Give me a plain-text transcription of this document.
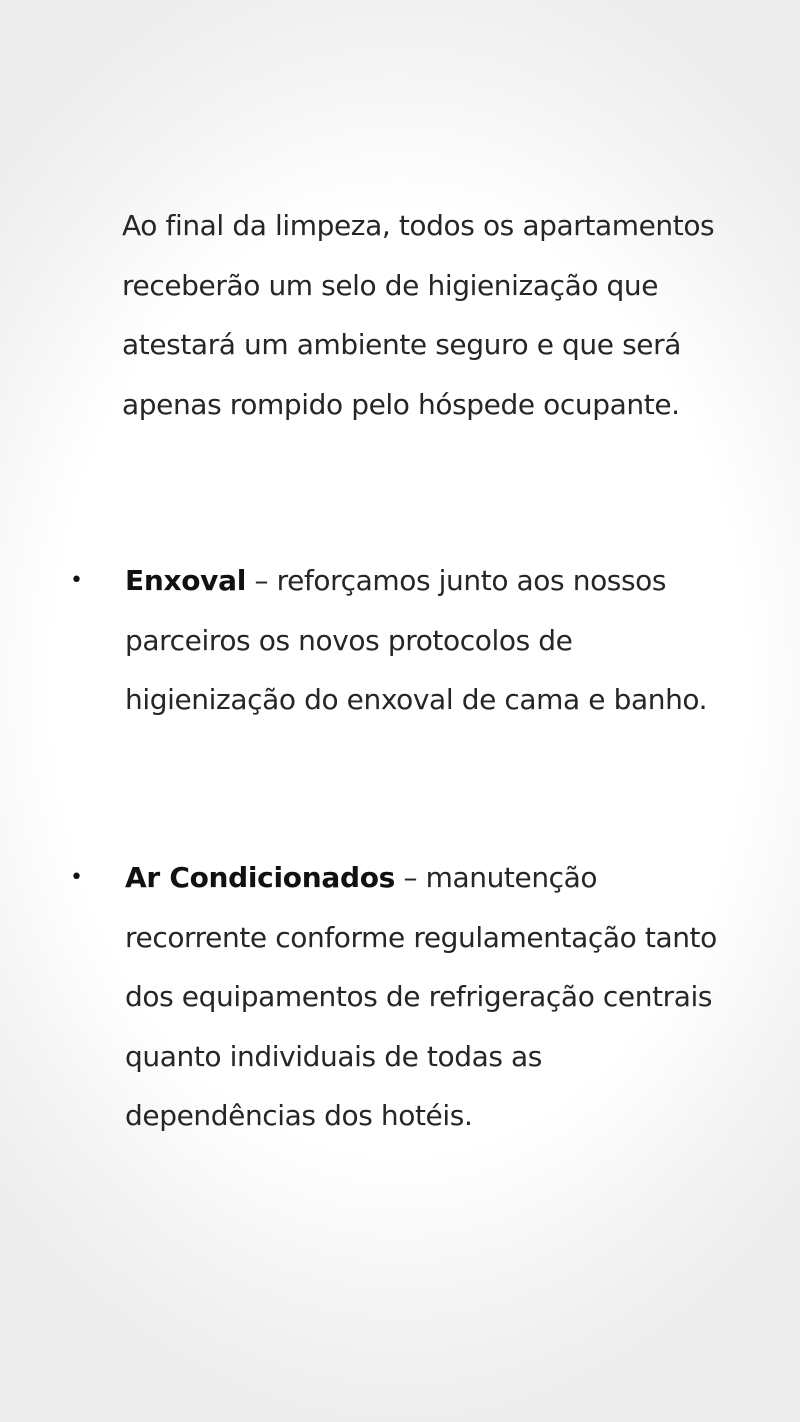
Ao final da limpeza, todos os apartamentos receberão um selo de higienização que atestará um ambiente seguro e que será apenas rompido pelo hóspede ocupante.

• Enxoval – reforçamos junto aos nossos parceiros os novos protocolos de higienização do enxoval de cama e banho.

• Ar Condicionados – manutenção recorrente conforme regulamentação tanto dos equipamentos de refrigeração centrais quanto individuais de todas as dependências dos hotéis.
